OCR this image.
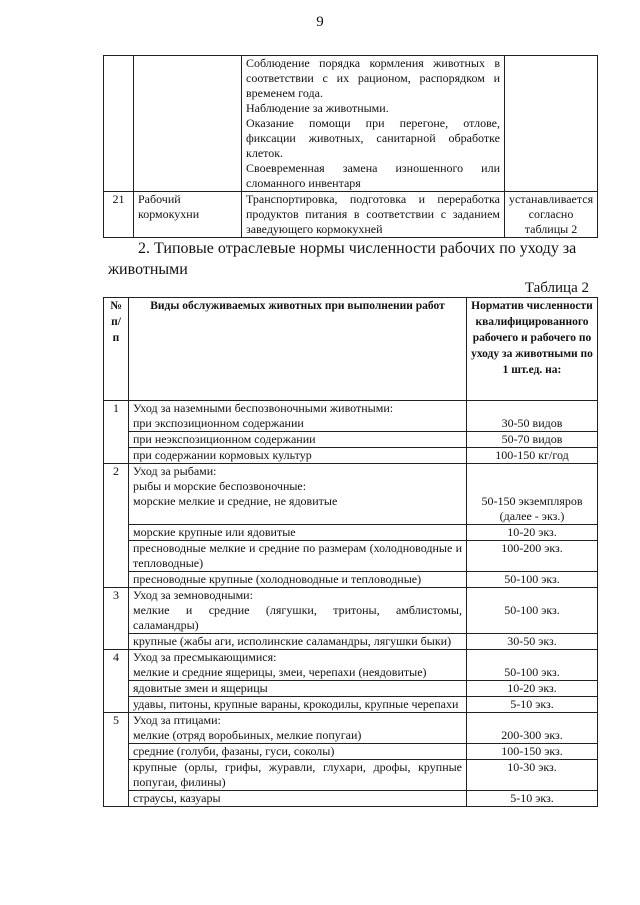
9

		Соблюдение порядка кормления животных в соответствии с их рационом, распорядком и временем года.
Наблюдение за животными.
Оказание помощи при перегоне, отлове, фиксации животных, санитарной обработке клеток.
Своевременная замена изношенного или сломанного инвентаря	

21	Рабочий кормокухни	Транспортировка, подготовка и переработка продуктов питания в соответствии с заданием заведующего кормокухней	устанавливается согласно таблицы 2
2. Типовые отраслевые нормы численности рабочих по уходу за
животными
Таблица 2
№ п/п	Виды обслуживаемых животных при выполнении работ	Норматив численности квалифицированного рабочего и рабочего по уходу за животными по 1 шт.ед. на:
1	Уход за наземными беспозвоночными животными:
при экспозиционном содержании	30-50 видов
	при неэкспозиционном содержании	50-70 видов
	при содержании кормовых культур	100-150 кг/год
2	Уход за рыбами:
рыбы и морские беспозвоночные:
морские мелкие и средние, не ядовитые	50-150 экземпляров (далее - экз.)
	морские крупные или ядовитые	10-20 экз.
	пресноводные мелкие и средние по размерам (холодноводные и тепловодные)	100-200 экз.
	пресноводные крупные (холодноводные и тепловодные)	50-100 экз.
3	Уход за земноводными:
мелкие и средние (лягушки, тритоны, амблистомы, саламандры)	50-100 экз.
	крупные (жабы аги, исполинские саламандры, лягушки быки)	30-50 экз.
4	Уход за пресмыкающимися:
мелкие и средние ящерицы, змеи, черепахи (неядовитые)	50-100 экз.
	ядовитые змеи и ящерицы	10-20 экз.
	удавы, питоны, крупные вараны, крокодилы, крупные черепахи	5-10 экз.
5	Уход за птицами:
мелкие (отряд воробьиных, мелкие попугаи)	200-300 экз.
	средние (голуби, фазаны, гуси, соколы)	100-150 экз.
	крупные (орлы, грифы, журавли, глухари, дрофы, крупные попугаи, филины)	10-30 экз.
	страусы, казуары	5-10 экз.
